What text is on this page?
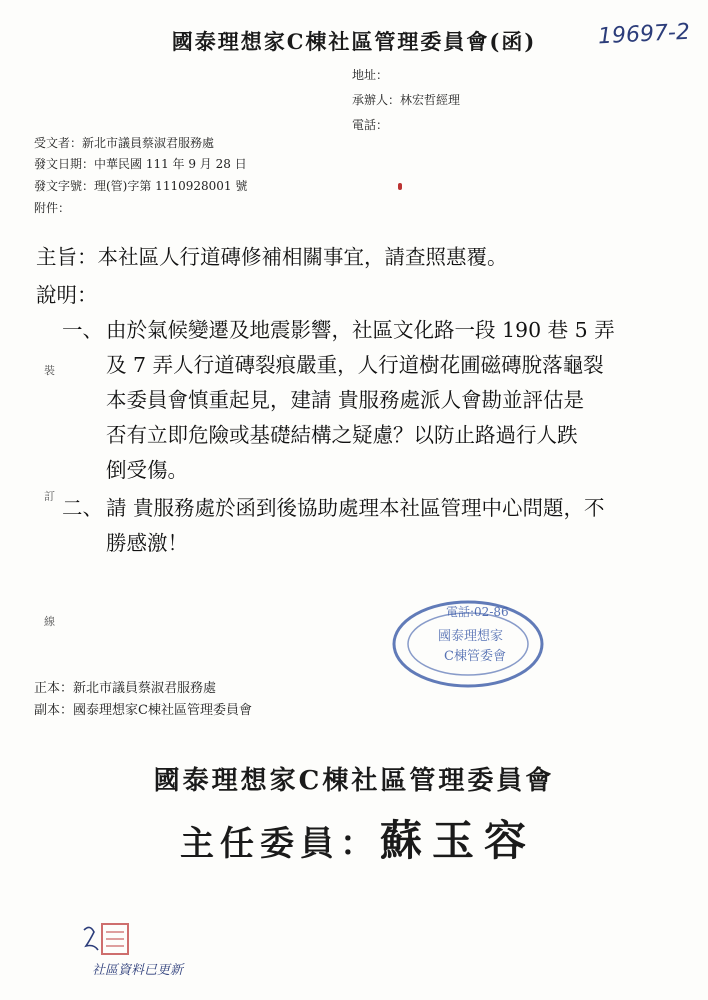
19697-2
國泰理想家C棟社區管理委員會(函)
地址：
承辦人：林宏哲經理
電話：
受文者：新北市議員蔡淑君服務處
發文日期：中華民國 111 年 9 月 28 日
發文字號：理(管)字第 1110928001 號
附件：
主旨：本社區人行道磚修補相關事宜，請查照惠覆。
說明：
一、 由於氣候變遷及地震影響，社區文化路一段 190 巷 5 弄
及 7 弄人行道磚裂痕嚴重，人行道樹花圃磁磚脫落龜裂
本委員會慎重起見，建請 貴服務處派人會勘並評估是
否有立即危險或基礎結構之疑慮？以防止路過行人跌
倒受傷。
二、 請 貴服務處於函到後協助處理本社區管理中心問題，不
勝感激！
裝
訂
線
電話:02-86
國泰理想家
C棟管委會
正本：新北市議員蔡淑君服務處
副本：國泰理想家C棟社區管理委員會
國泰理想家C棟社區管理委員會
主任委員：蘇玉容
社區資料已更新
